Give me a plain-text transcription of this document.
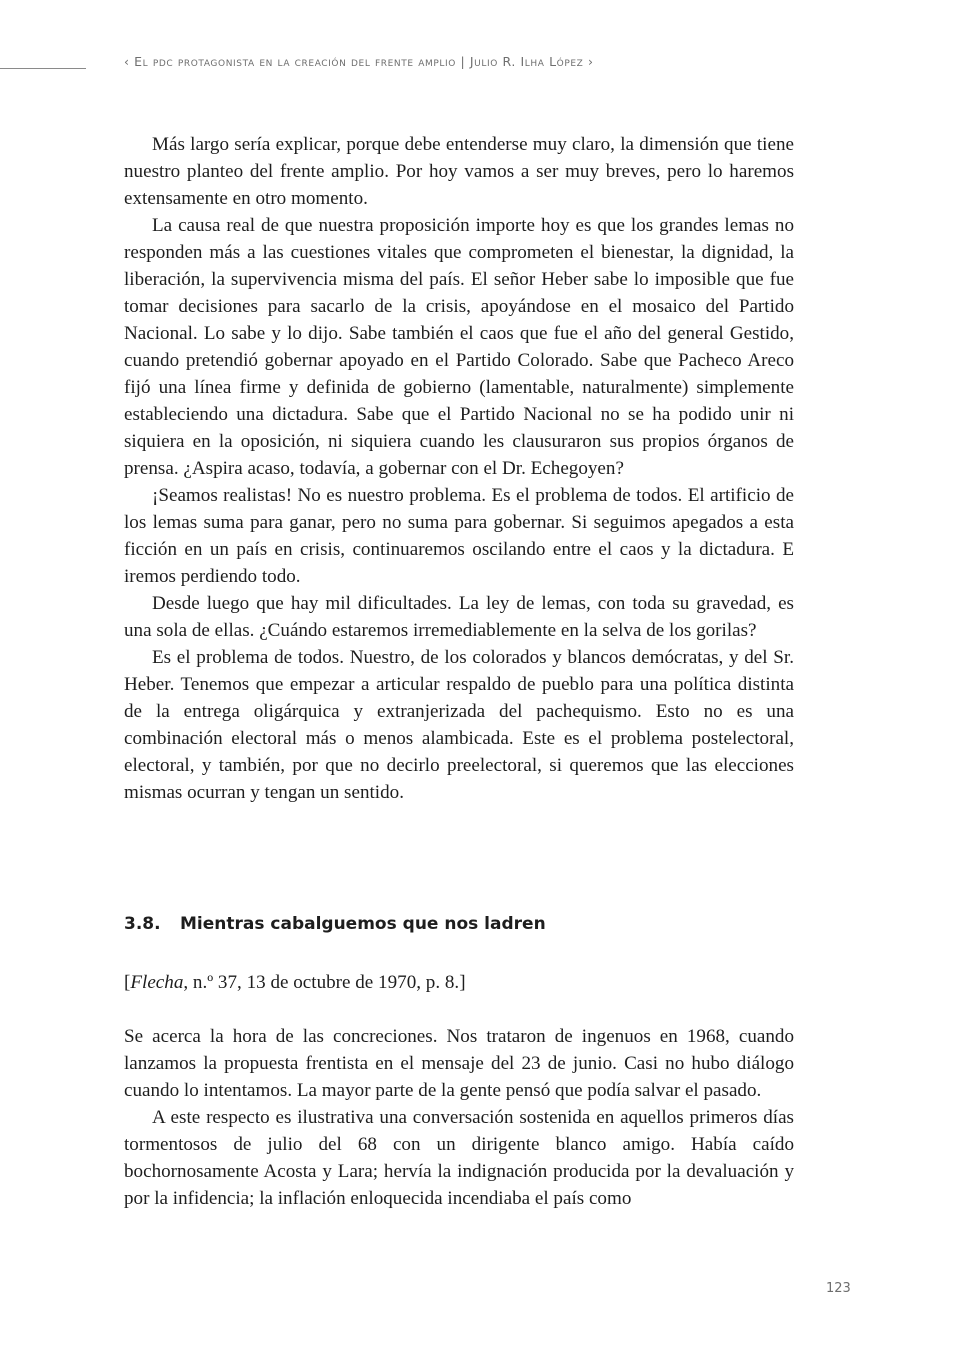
‹ El pdc protagonista en la creación del frente amplio | Julio R. Ilha López ›

Más largo sería explicar, porque debe entenderse muy claro, la dimensión que tiene nuestro planteo del frente amplio. Por hoy vamos a ser muy breves, pero lo haremos extensamente en otro momento.

La causa real de que nuestra proposición importe hoy es que los grandes lemas no responden más a las cuestiones vitales que comprometen el bienestar, la dignidad, la liberación, la supervivencia misma del país. El señor Heber sabe lo imposible que fue tomar decisiones para sacarlo de la crisis, apoyándose en el mosaico del Partido Nacional. Lo sabe y lo dijo. Sabe también el caos que fue el año del general Gestido, cuando pretendió gobernar apoyado en el Partido Colorado. Sabe que Pacheco Areco fijó una línea firme y definida de gobierno (lamentable, naturalmente) simplemente estableciendo una dictadura. Sabe que el Partido Nacional no se ha podido unir ni siquiera en la oposición, ni siquiera cuando les clausuraron sus propios órganos de prensa. ¿Aspira acaso, todavía, a gobernar con el Dr. Echegoyen?

¡Seamos realistas! No es nuestro problema. Es el problema de todos. El artificio de los lemas suma para ganar, pero no suma para gobernar. Si seguimos apegados a esta ficción en un país en crisis, continuaremos oscilando entre el caos y la dictadura. E iremos perdiendo todo.

Desde luego que hay mil dificultades. La ley de lemas, con toda su gravedad, es una sola de ellas. ¿Cuándo estaremos irremediablemente en la selva de los gorilas?

Es el problema de todos. Nuestro, de los colorados y blancos demócratas, y del Sr. Heber. Tenemos que empezar a articular respaldo de pueblo para una política distinta de la entrega oligárquica y extranjerizada del pachequismo. Esto no es una combinación electoral más o menos alambicada. Este es el problema postelectoral, electoral, y también, por que no decirlo preelectoral, si queremos que las elecciones mismas ocurran y tengan un sentido.

3.8. Mientras cabalguemos que nos ladren
[Flecha, n.º 37, 13 de octubre de 1970, p. 8.]

Se acerca la hora de las concreciones. Nos trataron de ingenuos en 1968, cuando lanzamos la propuesta frentista en el mensaje del 23 de junio. Casi no hubo diálogo cuando lo intentamos. La mayor parte de la gente pensó que podía salvar el pasado.

A este respecto es ilustrativa una conversación sostenida en aquellos primeros días tormentosos de julio del 68 con un dirigente blanco amigo. Había caído bochornosamente Acosta y Lara; hervía la indignación producida por la devaluación y por la infidencia; la inflación enloquecida incendiaba el país como

123
